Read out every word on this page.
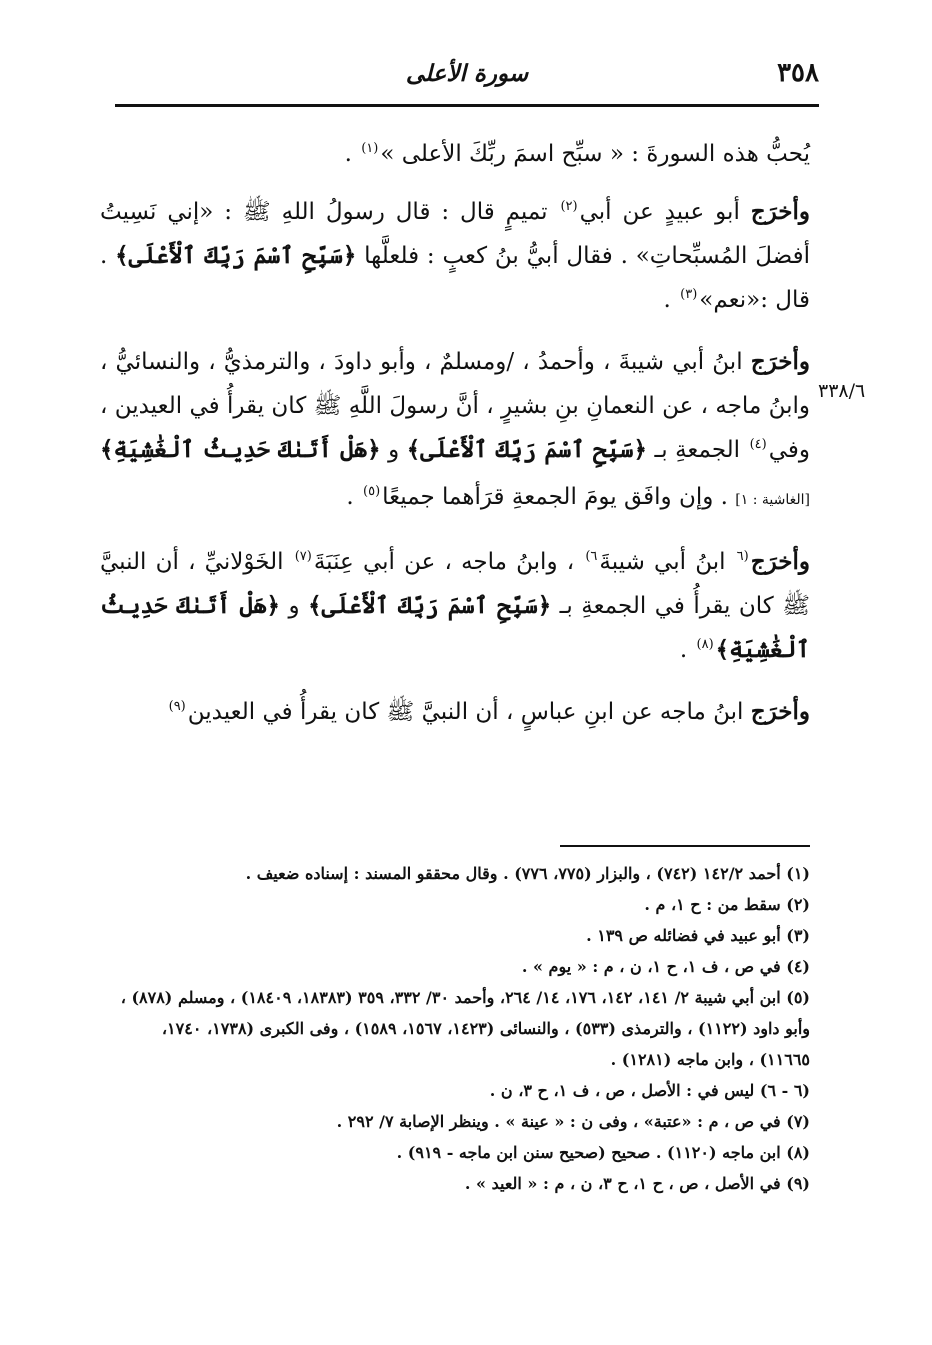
٣٥٨
سورة الأعلى
٣٣٨/٦

يُحبُّ هذه السورةَ : « سبِّح اسمَ ربِّكَ الأعلى »$^{(١)}$ .

وأخرَج أبو عبيدٍ عن أبي$^{(٢)}$ تميمٍ قال : قال رسولُ اللهِ ﷺ : «إني نَسِيتُ أفضلَ المُسبِّحاتِ» . فقال أبيُّ بنُ كعبٍ : فلعلَّها ﴿سَبِّحِ ٱسْمَ رَبِّكَ ٱلْأَعْلَى﴾ . قال :«نعم»$^{(٣)}$ .

وأخرَج ابنُ أبي شيبةَ ، وأحمدُ ، /ومسلمٌ ، وأبو داودَ ، والترمذيُّ ، والنسائيُّ ، وابنُ ماجه ، عن النعمانِ بنِ بشيرٍ ، أنَّ رسولَ اللَّهِ ﷺ كان يقرأُ في العيدين ، وفي$^{(٤)}$ الجمعةِ بـ ﴿سَبِّحِ ٱسْمَ رَبِّكَ ٱلْأَعْلَى﴾ و ﴿هَلْ أَتَىٰكَ حَدِيثُ ٱلْغَٰشِيَةِ﴾ [الغاشية : ١] . وإن وافَق يومَ الجمعةِ قرَأهما جميعًا$^{(٥)}$ .

وأخرَج$^{(٦}$ ابنُ أبي شيبةَ$^{٦)}$ ، وابنُ ماجه ، عن أبي عِنَبَةَ$^{(٧)}$ الخَوْلانيِّ ، أن النبيَّ ﷺ كان يقرأُ في الجمعةِ بـ ﴿سَبِّحِ ٱسْمَ رَبِّكَ ٱلْأَعْلَى﴾ و ﴿هَلْ أَتَىٰكَ حَدِيثُ ٱلْغَٰشِيَةِ﴾$^{(٨)}$ .

وأخرَج ابنُ ماجه عن ابنِ عباسٍ ، أن النبيَّ ﷺ كان يقرأُ في العيدين$^{(٩)}$

(١) أحمد ١٤٢/٢ (٧٤٢) ، والبزار (٧٧٥، ٧٧٦) . وقال محققو المسند : إسناده ضعيف .

(٢) سقط من : ح ١، م .

(٣) أبو عبيد في فضائله ص ١٣٩ .

(٤) في ص ، ف ١، ح ١، ن ، م : « يوم » .

(٥) ابن أبي شيبة ٢/ ١٤١، ١٤٢، ١٧٦، ١٤/ ٢٦٤، وأحمد ٣٠/ ٣٣٢، ٣٥٩ (١٨٣٨٣، ١٨٤٠٩) ، ومسلم (٨٧٨) ، وأبو داود (١١٢٢) ، والترمذى (٥٣٣) ، والنسائى (١٤٢٣، ١٥٦٧، ١٥٨٩) ، وفى الكبرى (١٧٣٨، ١٧٤٠، ١١٦٦٥) ، وابن ماجه (١٢٨١) .

(٦ - ٦) ليس في : الأصل ، ص ، ف ١، ح ٣، ن .

(٧) في ص ، م : «عتبة» ، وفى ن : « عينة » . وينظر الإصابة ٧/ ٢٩٢ .

(٨) ابن ماجه (١١٢٠) . صحيح (صحيح سنن ابن ماجه - ٩١٩) .

(٩) في الأصل ، ص ، ح ١، ح ٣، ن ، م : « العيد » .
